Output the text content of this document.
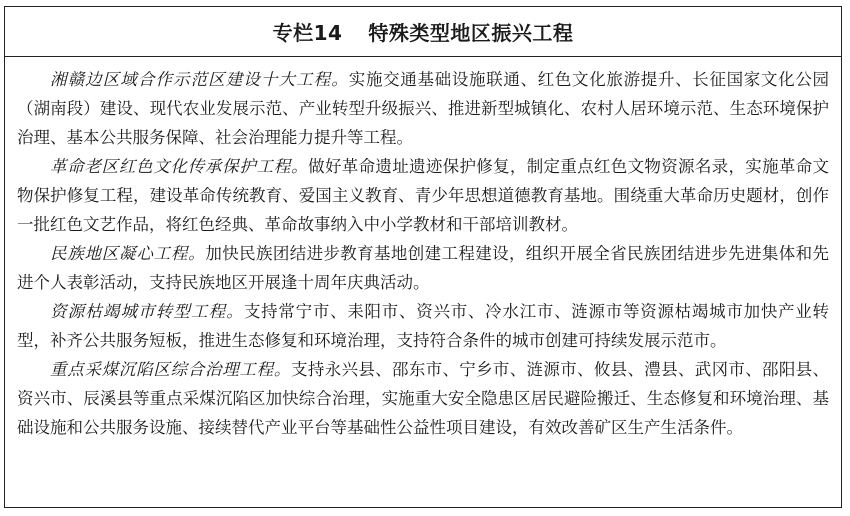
专栏14 特殊类型地区振兴工程

湘赣边区域合作示范区建设十大工程。实施交通基础设施联通、红色文化旅游提升、长征国家文化公园（湖南段）建设、现代农业发展示范、产业转型升级振兴、推进新型城镇化、农村人居环境示范、生态环境保护治理、基本公共服务保障、社会治理能力提升等工程。

革命老区红色文化传承保护工程。做好革命遗址遗迹保护修复，制定重点红色文物资源名录，实施革命文物保护修复工程，建设革命传统教育、爱国主义教育、青少年思想道德教育基地。围绕重大革命历史题材，创作一批红色文艺作品，将红色经典、革命故事纳入中小学教材和干部培训教材。

民族地区凝心工程。加快民族团结进步教育基地创建工程建设，组织开展全省民族团结进步先进集体和先进个人表彰活动，支持民族地区开展逢十周年庆典活动。

资源枯竭城市转型工程。支持常宁市、耒阳市、资兴市、冷水江市、涟源市等资源枯竭城市加快产业转型，补齐公共服务短板，推进生态修复和环境治理，支持符合条件的城市创建可持续发展示范市。

重点采煤沉陷区综合治理工程。支持永兴县、邵东市、宁乡市、涟源市、攸县、澧县、武冈市、邵阳县、资兴市、辰溪县等重点采煤沉陷区加快综合治理，实施重大安全隐患区居民避险搬迁、生态修复和环境治理、基础设施和公共服务设施、接续替代产业平台等基础性公益性项目建设，有效改善矿区生产生活条件。
